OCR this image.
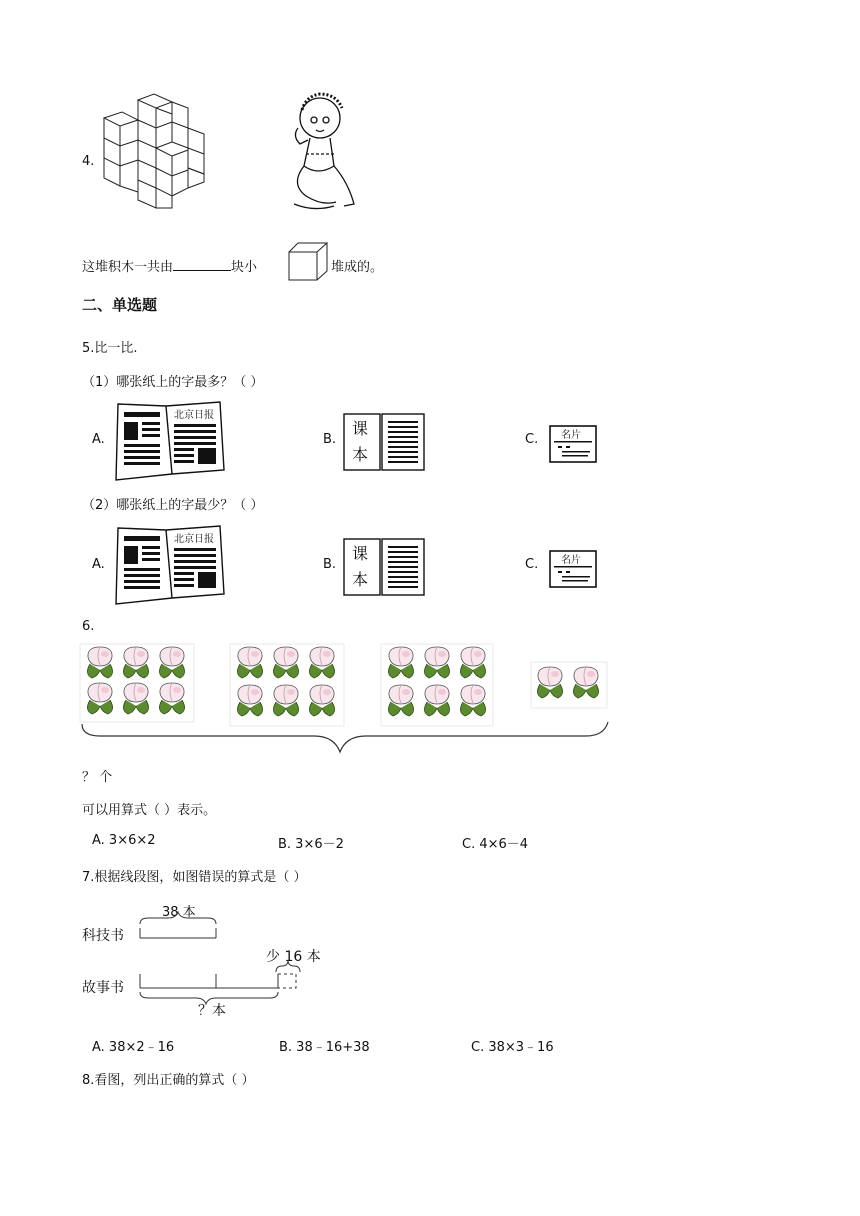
4.
这堆积木一共由	块小	堆成的。
二、单选题
5.比一比.
（1）哪张纸上的字最多？（ ）
A.
北京日报
B.
课
本
C. 名片
（2）哪张纸上的字最少？（ ）
A.
北京日报
B.
课
本
C. 名片
6.
？ 个
可以用算式（ ）表示。
A. 3×6×2	B. 3×6－2	C. 4×6－4
7.根据线段图，如图错误的算式是（ ）
38 本
科技书
少 16 本
故事书
？本
A. 38×2﹣16	B. 38﹣16+38	C. 38×3﹣16
8.看图，列出正确的算式（ ）
